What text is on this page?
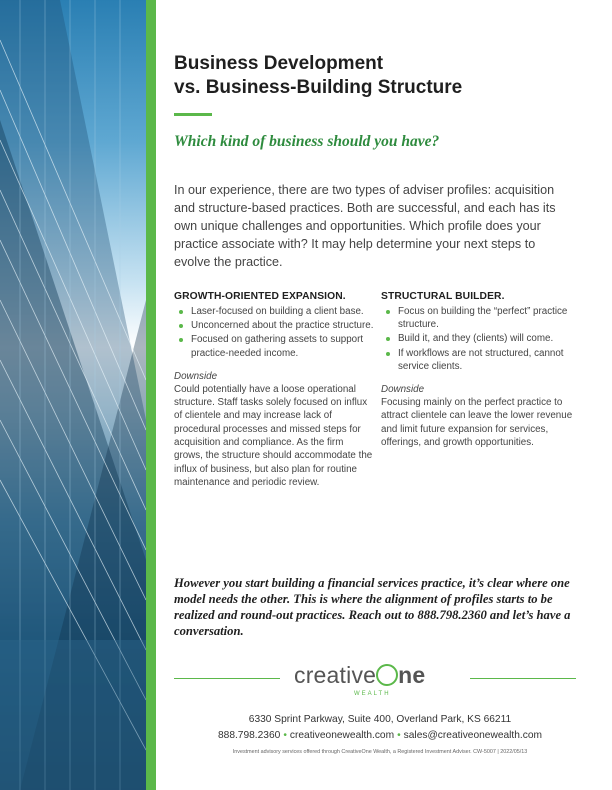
Business Development
vs. Business-Building Structure
Which kind of business should you have?

In our experience, there are two types of adviser profiles: acquisition and structure-based practices. Both are successful, and each has its own unique challenges and opportunities. Which profile does your practice associate with? It may help determine your next steps to evolve the practice.

GROWTH-ORIENTED EXPANSION.
Laser-focused on building a client base.
Unconcerned about the practice structure.
Focused on gathering assets to support practice-needed income.
Downside

Could potentially have a loose operational structure. Staff tasks solely focused on influx of clientele and may increase lack of procedural processes and missed steps for acquisition and compliance. As the firm grows, the structure should accommodate the influx of business, but also plan for routine maintenance and periodic review.

STRUCTURAL BUILDER.
Focus on building the “perfect” practice structure.
Build it, and they (clients) will come.
If workflows are not structured, cannot service clients.
Downside

Focusing mainly on the perfect practice to attract clientele can leave the lower revenue and limit future expansion for services, offerings, and growth opportunities.

However you start building a financial services practice, it’s clear where one model needs the other. This is where the alignment of profiles starts to be realized and round-out practices. Reach out to 888.798.2360 and let’s have a conversation.

creative ne
WEALTH
6330 Sprint Parkway, Suite 400, Overland Park, KS 66211
888.798.2360 • creativeonewealth.com • sales@creativeonewealth.com
Investment advisory services offered through CreativeOne Wealth, a Registered Investment Adviser. CW-5007 | 2022/05/13
